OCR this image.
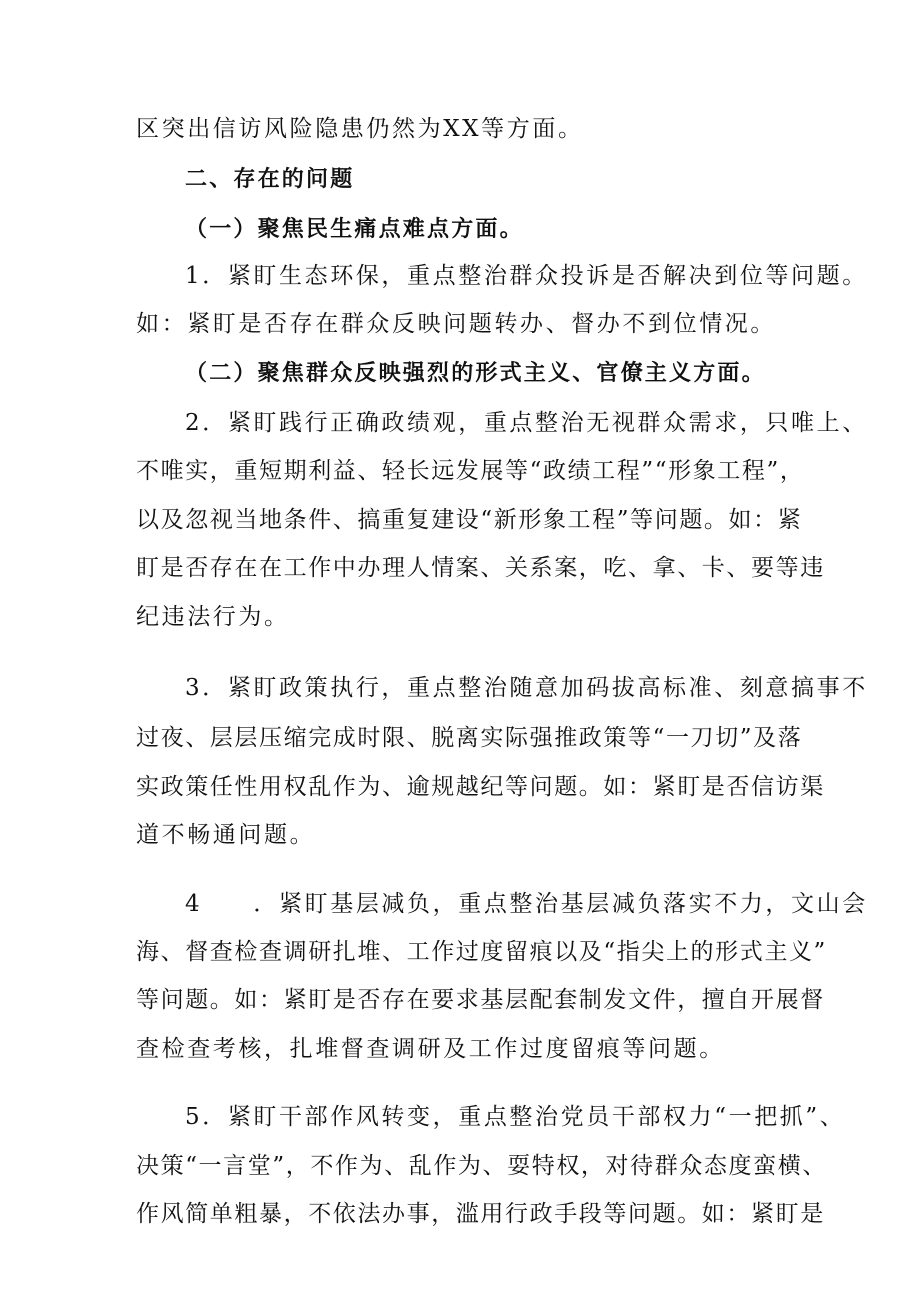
区突出信访风险隐患仍然为XX等方面。
二、存在的问题
（一）聚焦民生痛点难点方面。
1．紧盯生态环保，重点整治群众投诉是否解决到位等问题。
如：紧盯是否存在群众反映问题转办、督办不到位情况。
（二）聚焦群众反映强烈的形式主义、官僚主义方面。
2．紧盯践行正确政绩观，重点整治无视群众需求，只唯上、
不唯实，重短期利益、轻长远发展等“政绩工程”“形象工程”，
以及忽视当地条件、搞重复建设“新形象工程”等问题。如：紧
盯是否存在在工作中办理人情案、关系案，吃、拿、卡、要等违
纪违法行为。
3．紧盯政策执行，重点整治随意加码拔高标准、刻意搞事不
过夜、层层压缩完成时限、脱离实际强推政策等“一刀切”及落
实政策任性用权乱作为、逾规越纪等问题。如：紧盯是否信访渠
道不畅通问题。
4　　．紧盯基层减负，重点整治基层减负落实不力，文山会
海、督查检查调研扎堆、工作过度留痕以及“指尖上的形式主义”
等问题。如：紧盯是否存在要求基层配套制发文件，擅自开展督
查检查考核，扎堆督查调研及工作过度留痕等问题。
5．紧盯干部作风转变，重点整治党员干部权力“一把抓”、
决策“一言堂”，不作为、乱作为、耍特权，对待群众态度蛮横、
作风简单粗暴，不依法办事，滥用行政手段等问题。如：紧盯是
